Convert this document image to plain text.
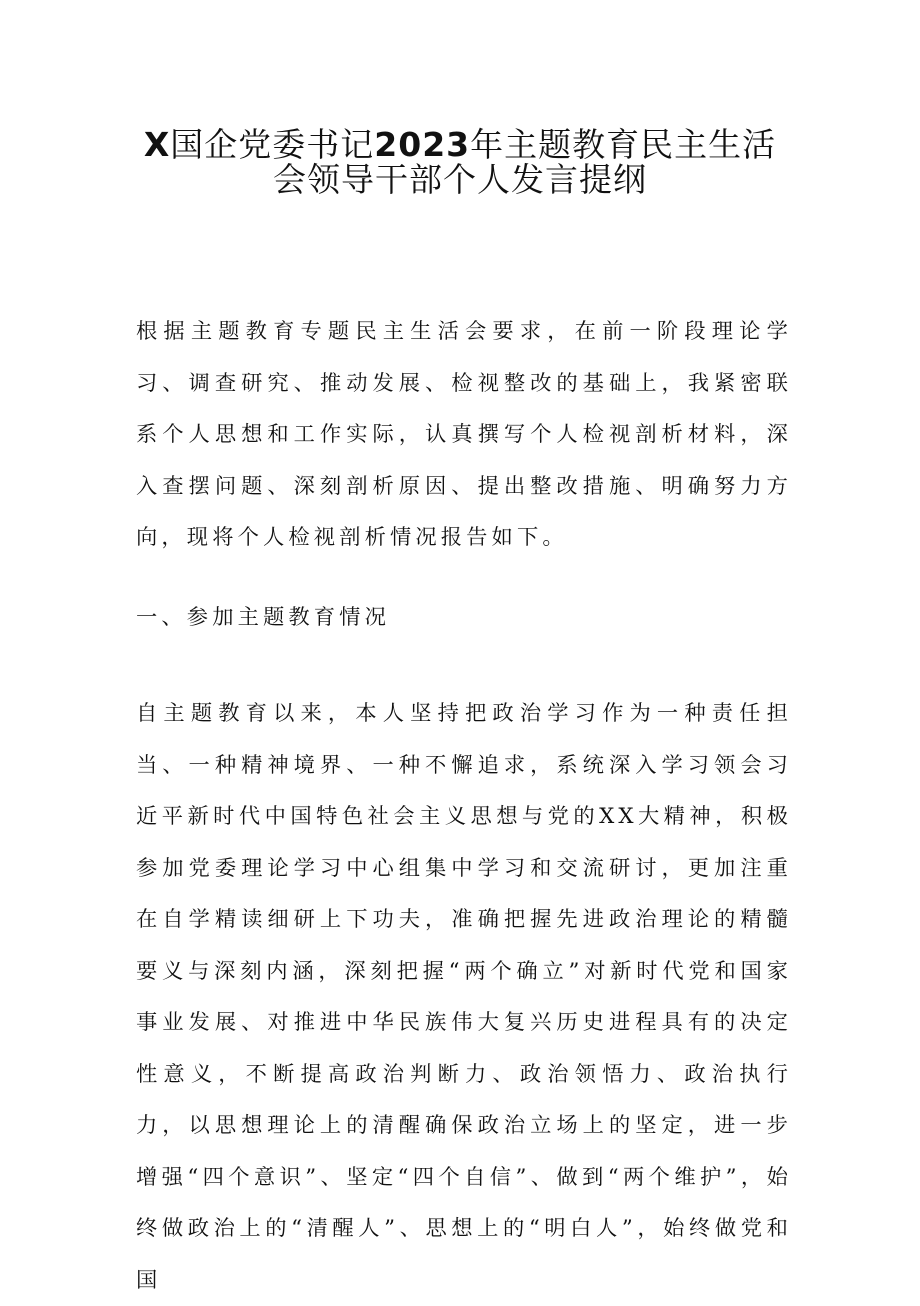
X国企党委书记2023年主题教育民主生活
会领导干部个人发言提纲

根据主题教育专题民主生活会要求，在前一阶段理论学习、调查研究、推动发展、检视整改的基础上，我紧密联系个人思想和工作实际，认真撰写个人检视剖析材料，深入查摆问题、深刻剖析原因、提出整改措施、明确努力方向，现将个人检视剖析情况报告如下。

一、参加主题教育情况

自主题教育以来，本人坚持把政治学习作为一种责任担当、一种精神境界、一种不懈追求，系统深入学习领会习近平新时代中国特色社会主义思想与党的XX大精神，积极参加党委理论学习中心组集中学习和交流研讨，更加注重在自学精读细研上下功夫，准确把握先进政治理论的精髓要义与深刻内涵，深刻把握“两个确立”对新时代党和国家事业发展、对推进中华民族伟大复兴历史进程具有的决定性意义，不断提高政治判断力、政治领悟力、政治执行力，以思想理论上的清醒确保政治立场上的坚定，进一步增强“四个意识”、坚定“四个自信”、做到“两个维护”，始终做政治上的“清醒人”、思想上的“明白人”，始终做党和国
